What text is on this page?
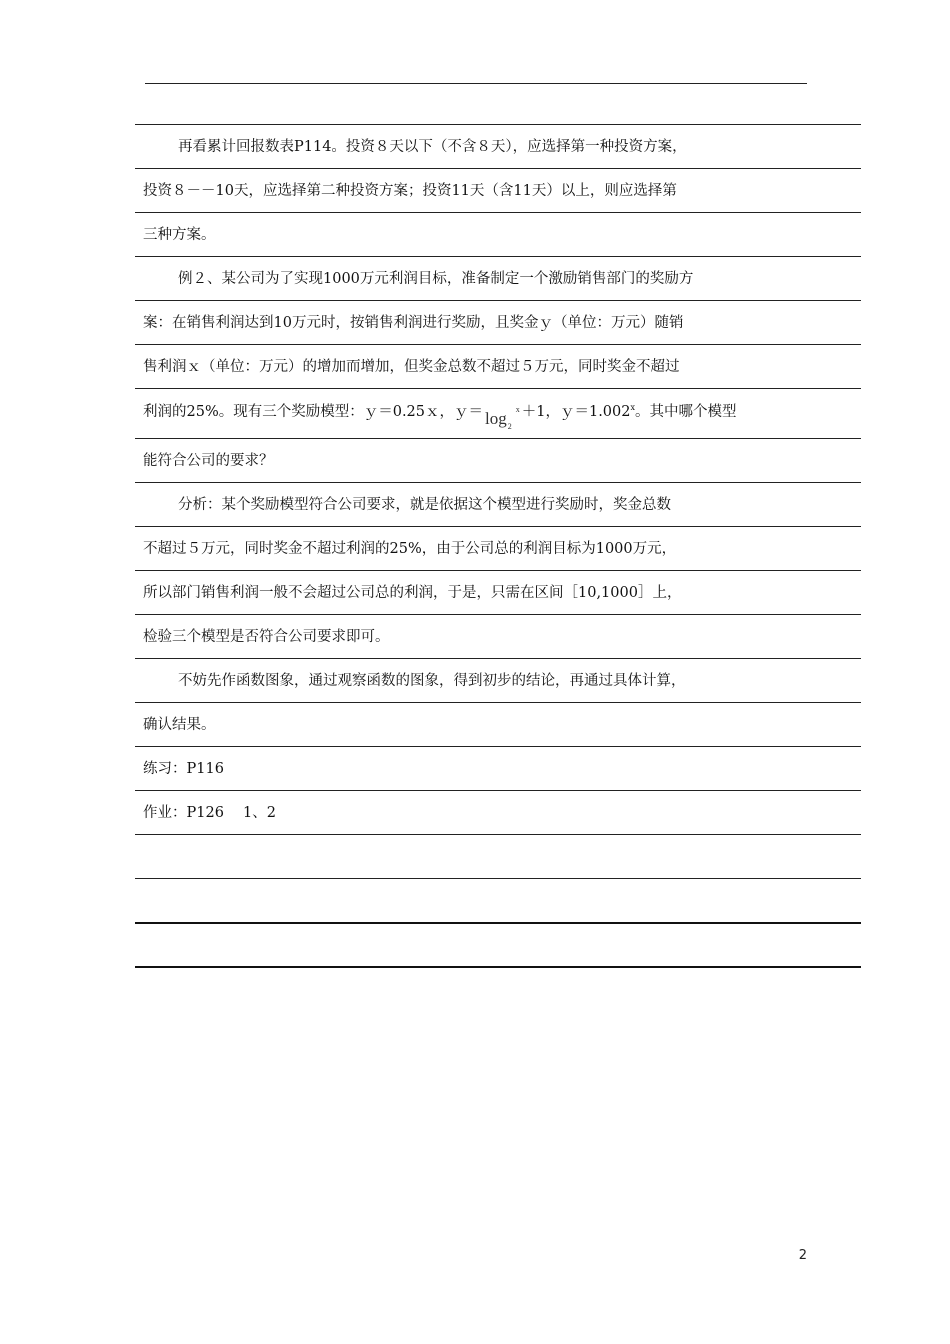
再看累计回报数表P114。投资８天以下（不含８天），应选择第一种投资方案，
投资８－－10天，应选择第二种投资方案；投资11天（含11天）以上，则应选择第
三种方案。
例２、某公司为了实现1000万元利润目标，准备制定一个激励销售部门的奖励方
案：在销售利润达到10万元时，按销售利润进行奖励，且奖金ｙ（单位：万元）随销
售利润ｘ（单位：万元）的增加而增加，但奖金总数不超过５万元，同时奖金不超过
利润的25%。现有三个奖励模型：ｙ＝0.25ｘ，ｙ＝ $\log_2^x +1$，$y=1.002^x$。其中哪个模型
能符合公司的要求？
分析：某个奖励模型符合公司要求，就是依据这个模型进行奖励时，奖金总数
不超过５万元，同时奖金不超过利润的25%，由于公司总的利润目标为1000万元，
所以部门销售利润一般不会超过公司总的利润，于是，只需在区间［10,1000］上，
检验三个模型是否符合公司要求即可。
不妨先作函数图象，通过观察函数的图象，得到初步的结论，再通过具体计算，
确认结果。
练习：P116
作业：P126　 1、2
2
